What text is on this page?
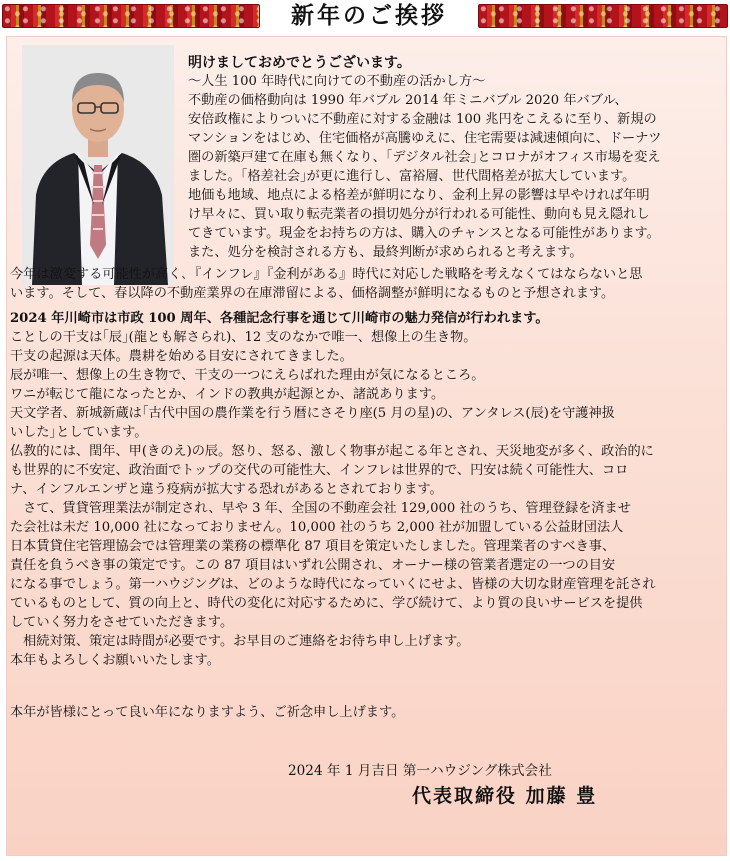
新年のご挨拶

明けましておめでとうございます。

～人生 100 年時代に向けての不動産の活かし方～

不動産の価格動向は 1990 年バブル 2014 年ミニバブル 2020 年バブル、

安倍政権によりついに不動産に対する金融は 100 兆円をこえるに至り、新規の

マンションをはじめ、住宅価格が高騰ゆえに、住宅需要は減速傾向に、ドーナツ

圏の新築戸建て在庫も無くなり、｢デジタル社会｣とコロナがオフィス市場を変え

ました。｢格差社会｣が更に進行し、富裕層、世代間格差が拡大しています。

地価も地域、地点による格差が鮮明になり、金利上昇の影響は早やければ年明

け早々に、買い取り転売業者の損切処分が行われる可能性、動向も見え隠れし

てきています。現金をお持ちの方は、購入のチャンスとなる可能性があります。

また、処分を検討される方も、最終判断が求められると考えます。

今年は激変する可能性が高く､『インフレ』『金利がある』時代に対応した戦略を考えなくてはならないと思

います。そして、春以降の不動産業界の在庫滞留による、価格調整が鮮明になるものと予想されます。

2024 年川崎市は市政 100 周年、各種記念行事を通じて川崎市の魅力発信が行われます。

ことしの干支は｢辰｣(龍とも解さられ)、12 支のなかで唯一、想像上の生き物。

干支の起源は天体。農耕を始める目安にされてきました。

辰が唯一、想像上の生き物で、干支の一つにえらばれた理由が気になるところ。

ワニが転じて龍になったとか、インドの教典が起源とか、諸説あります。

天文学者、新城新蔵は｢古代中国の農作業を行う暦にさそり座(5 月の星)の、アンタレス(辰)を守護神扱

いした｣としています。

仏教的には、閏年、甲(きのえ)の辰。怒り、怒る、激しく物事が起こる年とされ、天災地変が多く、政治的に

も世界的に不安定、政治面でトップの交代の可能性大、インフレは世界的で、円安は続く可能性大、コロ

ナ、インフルエンザと違う疫病が拡大する恐れがあるとされております。

　さて、賃貸管理業法が制定され、早や 3 年、全国の不動産会社 129,000 社のうち、管理登録を済ませ

た会社は未だ 10,000 社になっておりません。10,000 社のうち 2,000 社が加盟している公益財団法人

日本賃貸住宅管理協会では管理業の業務の標準化 87 項目を策定いたしました。管理業者のすべき事、

責任を負うべき事の策定です。この 87 項目はいずれ公開され、オーナー様の管業者選定の一つの目安

になる事でしょう。第一ハウジングは、どのような時代になっていくにせよ、皆様の大切な財産管理を託され

ているものとして、質の向上と、時代の変化に対応するために、学び続けて、より質の良いサービスを提供

していく努力をさせていただきます。

　相続対策、策定は時間が必要です。お早目のご連絡をお待ち申し上げます。

本年もよろしくお願いいたします。

本年が皆様にとって良い年になりますよう、ご祈念申し上げます。

2024 年 1 月吉日 第一ハウジング株式会社

代表取締役 加藤 豊
